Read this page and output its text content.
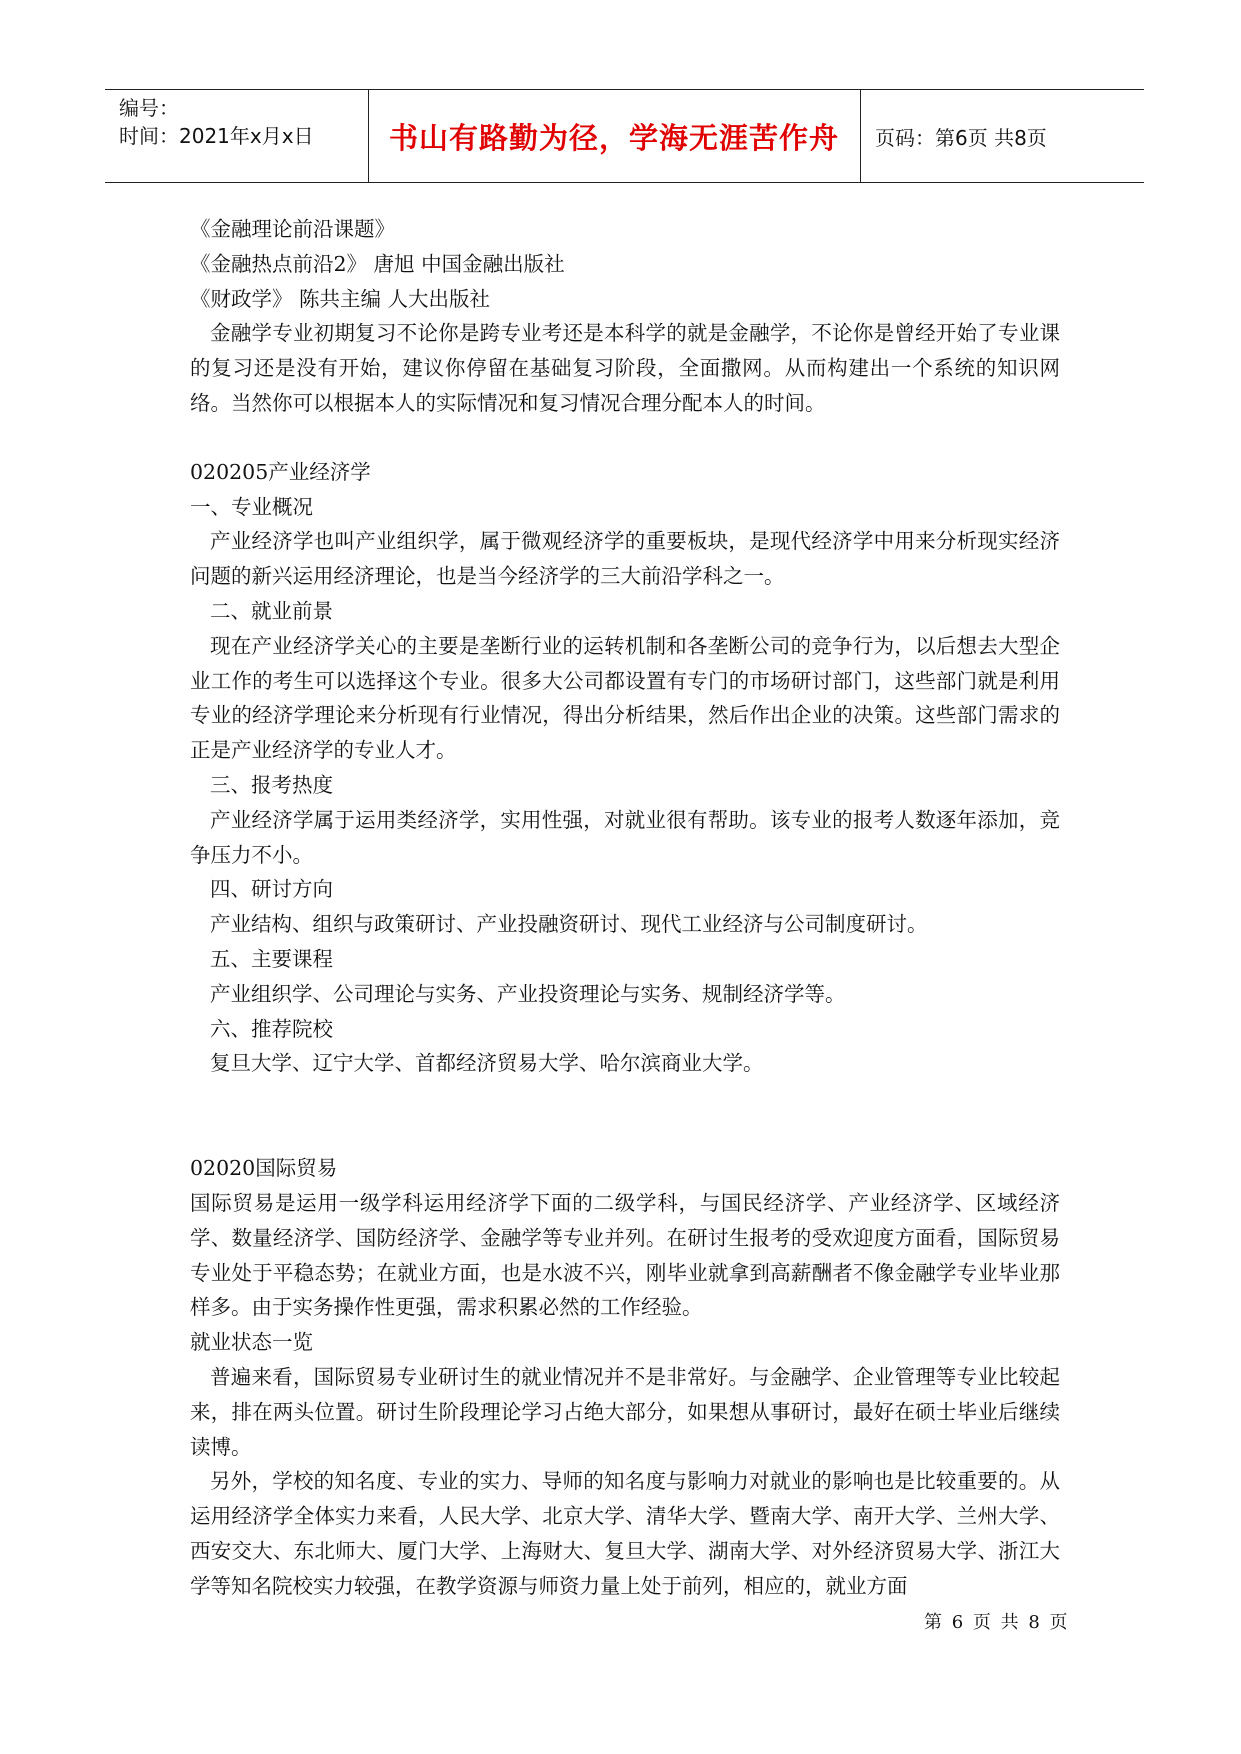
编号：
时间：2021年x月x日	书山有路勤为径，学海无涯苦作舟	页码：第6页 共8页

《金融理论前沿课题》

《金融热点前沿2》 唐旭 中国金融出版社

《财政学》 陈共主编 人大出版社

金融学专业初期复习不论你是跨专业考还是本科学的就是金融学，不论你是曾经开始了专业课的复习还是没有开始，建议你停留在基础复习阶段，全面撒网。从而构建出一个系统的知识网络。当然你可以根据本人的实际情况和复习情况合理分配本人的时间。

020205产业经济学

一、专业概况

产业经济学也叫产业组织学，属于微观经济学的重要板块，是现代经济学中用来分析现实经济问题的新兴运用经济理论，也是当今经济学的三大前沿学科之一。

二、就业前景

现在产业经济学关心的主要是垄断行业的运转机制和各垄断公司的竞争行为，以后想去大型企业工作的考生可以选择这个专业。很多大公司都设置有专门的市场研讨部门，这些部门就是利用专业的经济学理论来分析现有行业情况，得出分析结果，然后作出企业的决策。这些部门需求的正是产业经济学的专业人才。

三、报考热度

产业经济学属于运用类经济学，实用性强，对就业很有帮助。该专业的报考人数逐年添加，竞争压力不小。

四、研讨方向

产业结构、组织与政策研讨、产业投融资研讨、现代工业经济与公司制度研讨。

五、主要课程

产业组织学、公司理论与实务、产业投资理论与实务、规制经济学等。

六、推荐院校

复旦大学、辽宁大学、首都经济贸易大学、哈尔滨商业大学。

02020国际贸易

国际贸易是运用一级学科运用经济学下面的二级学科，与国民经济学、产业经济学、区域经济学、数量经济学、国防经济学、金融学等专业并列。在研讨生报考的受欢迎度方面看，国际贸易专业处于平稳态势；在就业方面，也是水波不兴，刚毕业就拿到高薪酬者不像金融学专业毕业那样多。由于实务操作性更强，需求积累必然的工作经验。

就业状态一览

普遍来看，国际贸易专业研讨生的就业情况并不是非常好。与金融学、企业管理等专业比较起来，排在两头位置。研讨生阶段理论学习占绝大部分，如果想从事研讨，最好在硕士毕业后继续读博。

另外，学校的知名度、专业的实力、导师的知名度与影响力对就业的影响也是比较重要的。从运用经济学全体实力来看，人民大学、北京大学、清华大学、暨南大学、南开大学、兰州大学、西安交大、东北师大、厦门大学、上海财大、复旦大学、湖南大学、对外经济贸易大学、浙江大学等知名院校实力较强，在教学资源与师资力量上处于前列，相应的，就业方面

第 6 页 共 8 页
